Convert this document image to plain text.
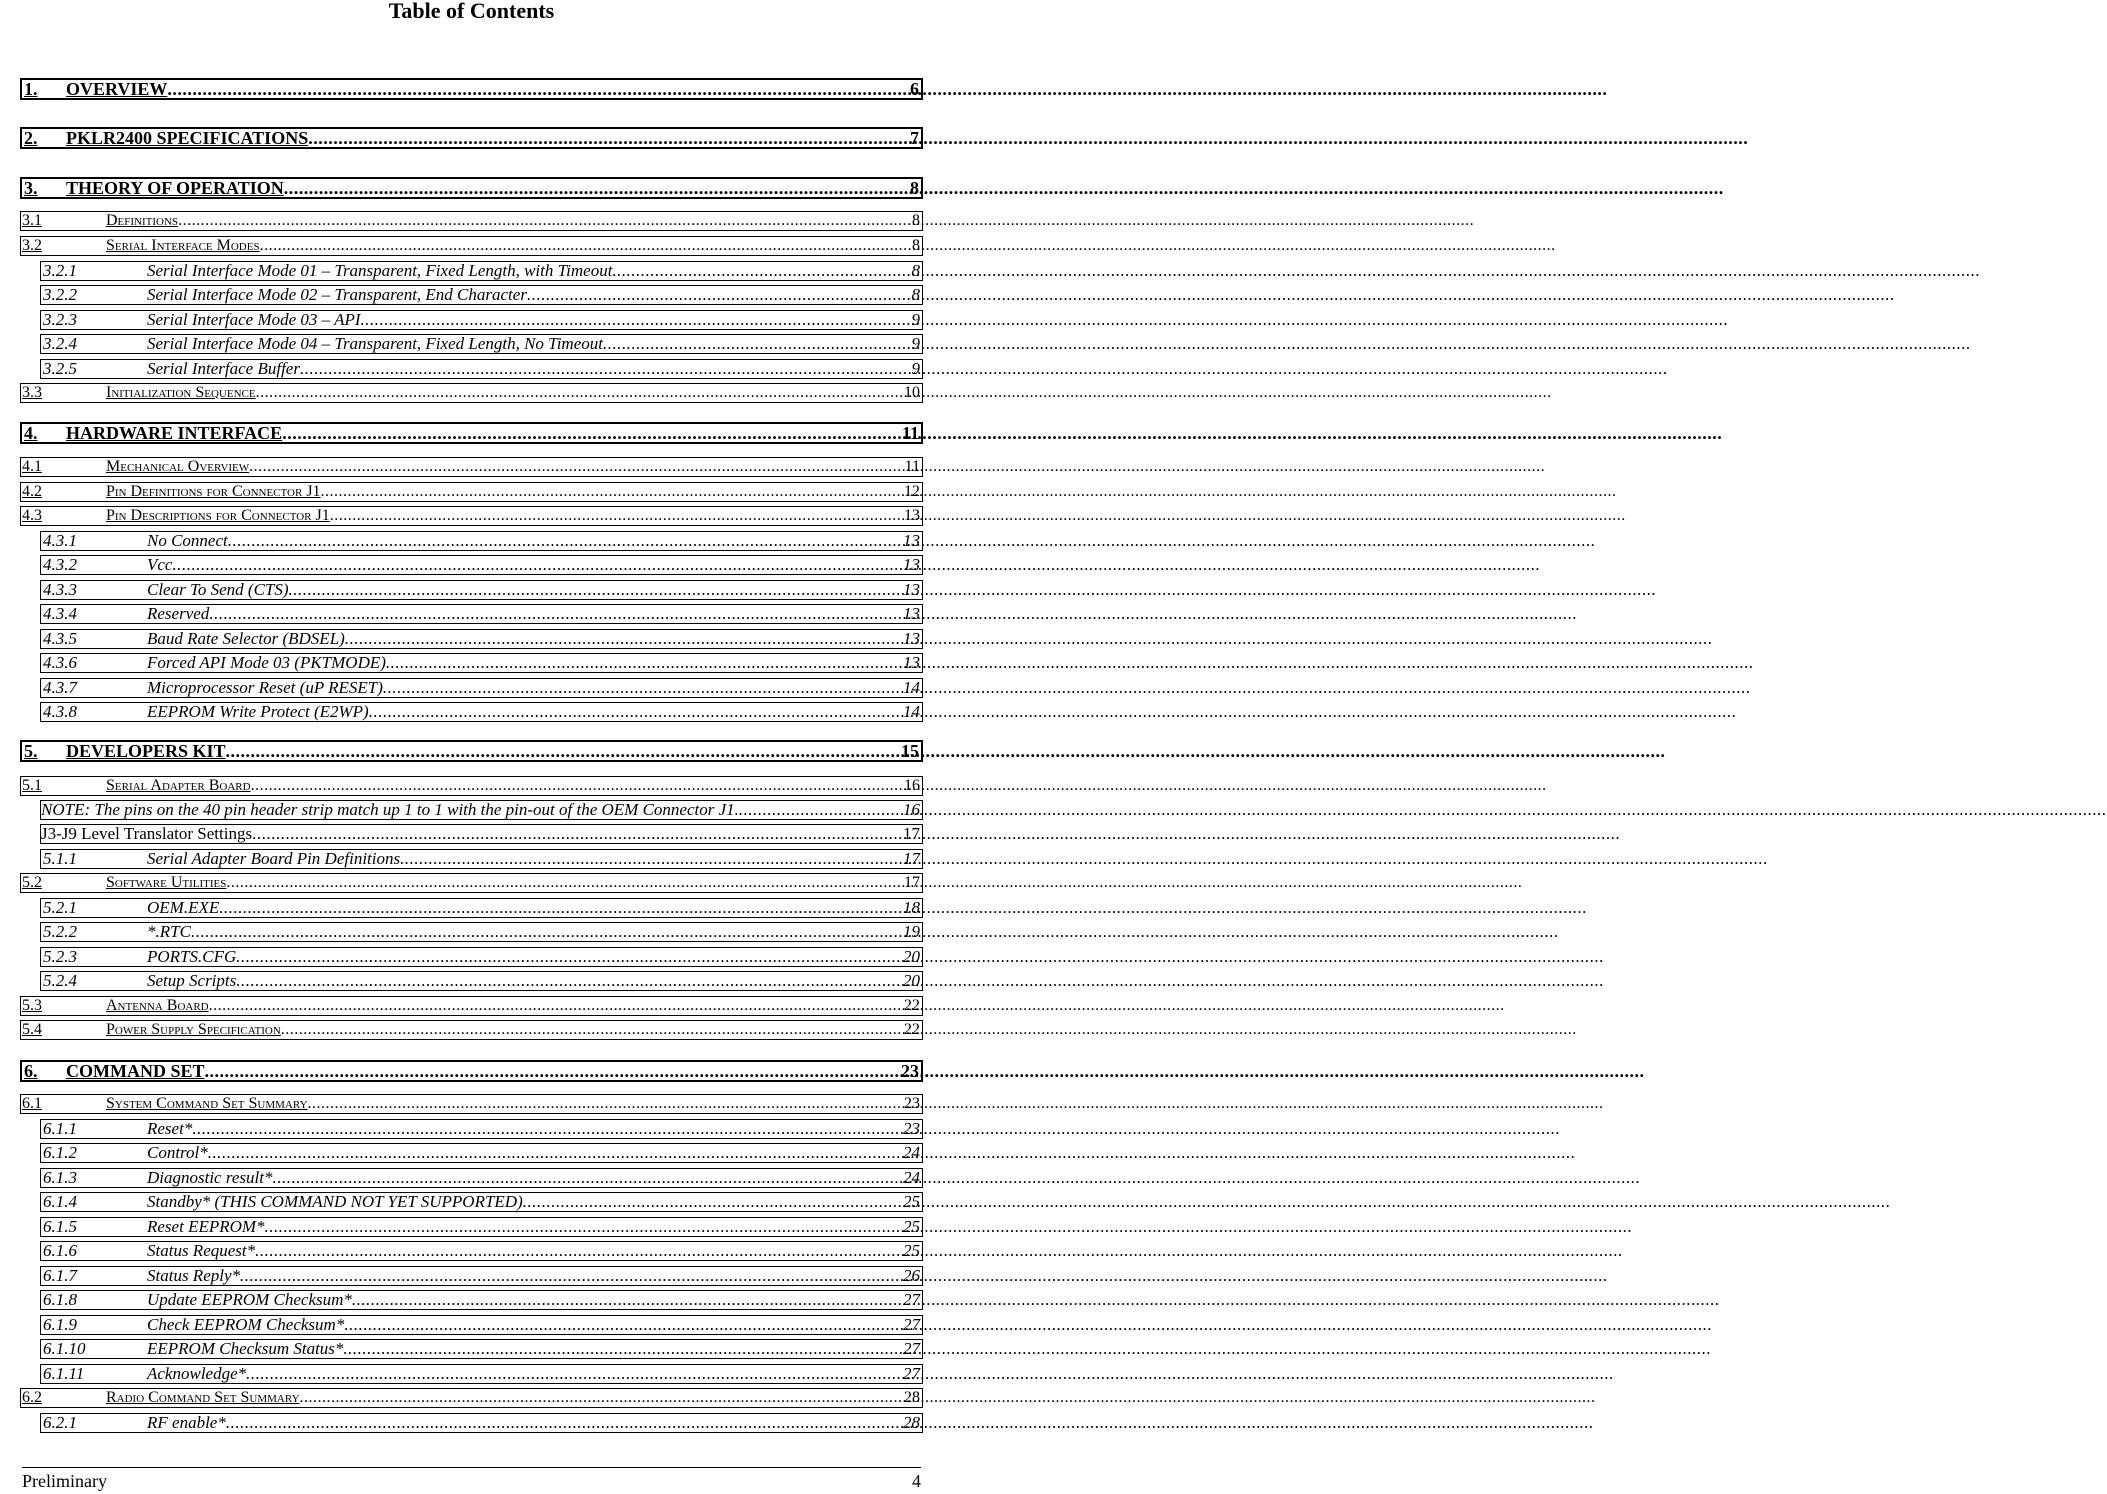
Table of Contents
1.	OVERVIEW .....	6
2.	PKLR2400 SPECIFICATIONS .....	7
3.	THEORY OF OPERATION .....	8
3.1	Definitions .....	8
3.2	Serial Interface Modes .....	8
3.2.1	Serial Interface Mode 01 – Transparent, Fixed Length, with Timeout .....	8
3.2.2	Serial Interface Mode 02 – Transparent, End Character .....	8
3.2.3	Serial Interface Mode 03 – API .....	9
3.2.4	Serial Interface Mode 04 – Transparent, Fixed Length, No Timeout .....	9
3.2.5	Serial Interface Buffer .....	9
3.3	Initialization Sequence .....	10
4.	HARDWARE INTERFACE .....	11
4.1	Mechanical Overview .....	11
4.2	Pin Definitions for Connector J1 .....	12
4.3	Pin Descriptions for Connector J1 .....	13
4.3.1	No Connect .....	13
4.3.2	Vcc .....	13
4.3.3	Clear To Send (CTS) .....	13
4.3.4	Reserved .....	13
4.3.5	Baud Rate Selector (BDSEL) .....	13
4.3.6	Forced API Mode 03 (PKTMODE) .....	13
4.3.7	Microprocessor Reset (uP RESET) .....	14
4.3.8	EEPROM Write Protect (E2WP) .....	14
5.	DEVELOPERS KIT .....	15
5.1	Serial Adapter Board .....	16
NOTE: The pins on the 40 pin header strip match up 1 to 1 with the pin-out of the OEM Connector J1. .....	16
J3-J9 Level Translator Settings .....	17
5.1.1	Serial Adapter Board Pin Definitions .....	17
5.2	Software Utilities .....	17
5.2.1	OEM.EXE .....	18
5.2.2	*.RTC .....	19
5.2.3	PORTS.CFG .....	20
5.2.4	Setup Scripts .....	20
5.3	Antenna Board .....	22
5.4	Power Supply Specification .....	22
6.	COMMAND SET .....	23
6.1	System Command Set Summary .....	23
6.1.1	Reset* .....	23
6.1.2	Control* .....	24
6.1.3	Diagnostic result* .....	24
6.1.4	Standby* (THIS COMMAND NOT YET SUPPORTED) .....	25
6.1.5	Reset EEPROM* .....	25
6.1.6	Status Request* .....	25
6.1.7	Status Reply* .....	26
6.1.8	Update EEPROM Checksum* .....	27
6.1.9	Check EEPROM Checksum* .....	27
6.1.10	EEPROM Checksum Status* .....	27
6.1.11	Acknowledge* .....	27
6.2	Radio Command Set Summary .....	28
6.2.1	RF enable* .....	28
Preliminary	4
